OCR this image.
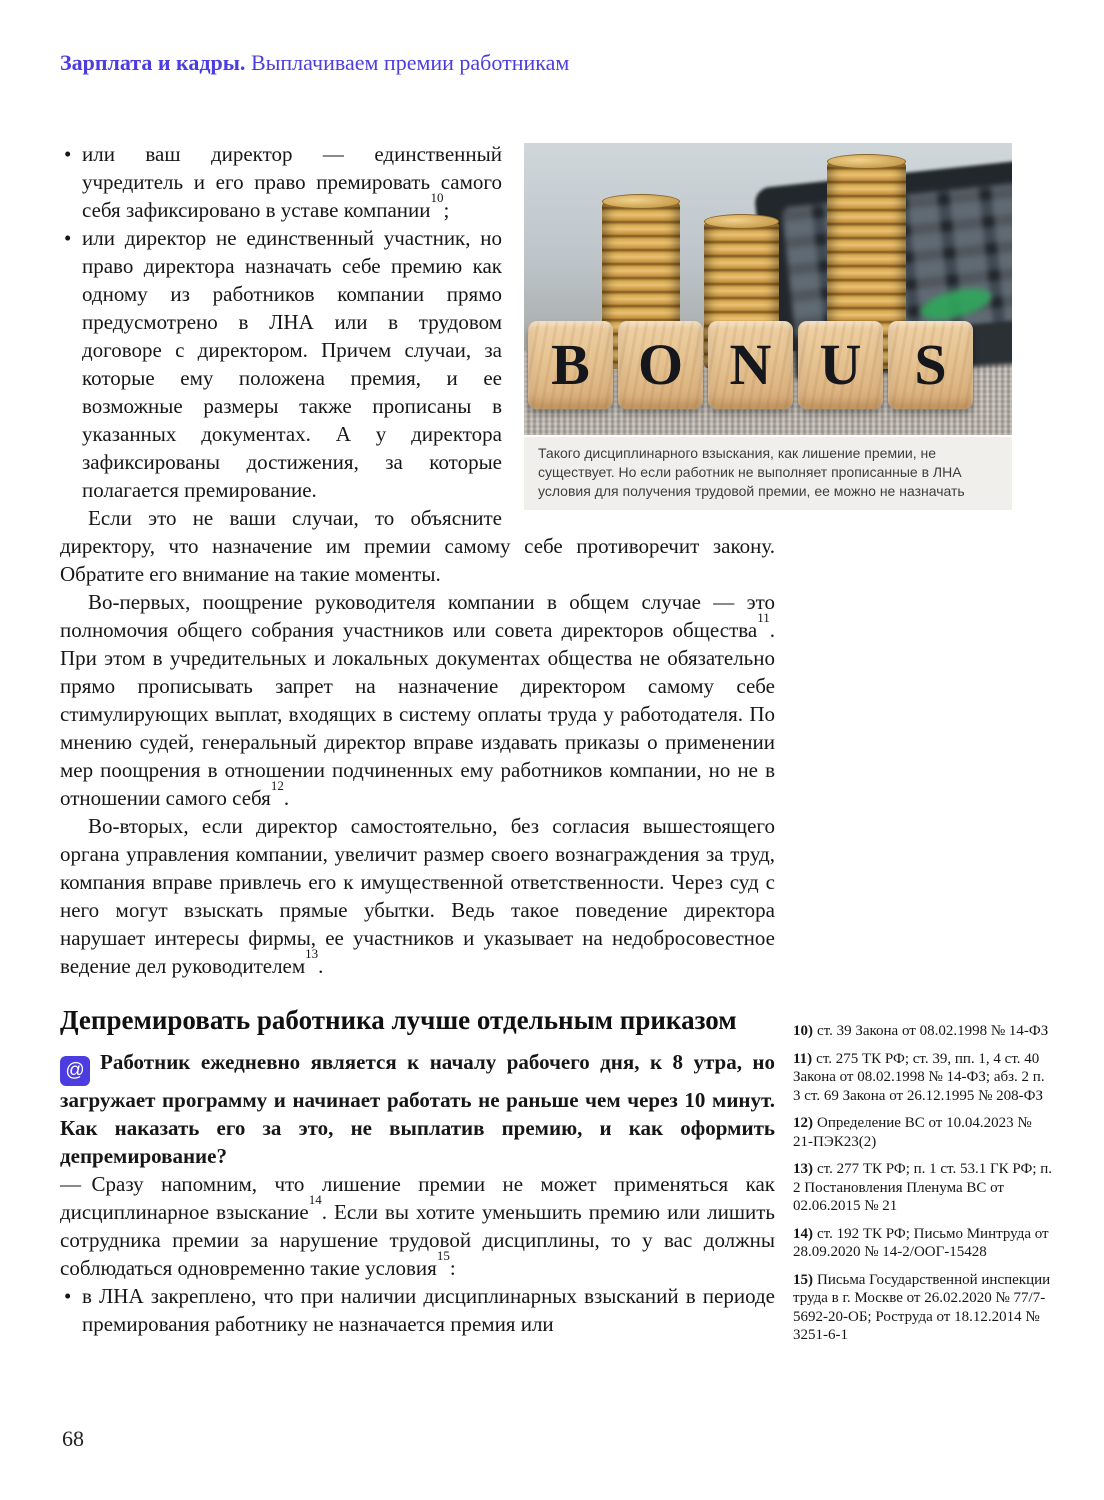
Зарплата и кадры. Выплачиваем премии работникам
B O N U S
Такого дисциплинарного взыскания, как лишение премии, не существует. Но если работник не выполняет прописанные в ЛНА условия для получения трудовой премии, ее можно не назначать
• или ваш директор — единственный учредитель и его право премировать самого себя зафиксировано в уставе компании$^{10}$;
• или директор не единственный участник, но право директора назначать себе премию как одному из работников компании прямо предусмотрено в ЛНА или в трудовом договоре с директором. Причем случаи, за которые ему положена премия, и ее возможные размеры также прописаны в указанных документах. А у директора зафиксированы достижения, за которые полагается премирование.

Если это не ваши случаи, то объясните директору, что назначение им премии самому себе противоречит закону. Обратите его внимание на такие моменты.

Во-первых, поощрение руководителя компании в общем случае — это полномочия общего собрания участников или совета директоров общества$^{11}$. При этом в учредительных и локальных документах общества не обязательно прямо прописывать запрет на назначение директором самому себе стимулирующих выплат, входящих в систему оплаты труда у работодателя. По мнению судей, генеральный директор вправе издавать приказы о применении мер поощрения в отношении подчиненных ему работников компании, но не в отношении самого себя$^{12}$.

Во-вторых, если директор самостоятельно, без согласия вышестоящего органа управления компании, увеличит размер своего вознаграждения за труд, компания вправе привлечь его к имущественной ответственности. Через суд с него могут взыскать прямые убытки. Ведь такое поведение директора нарушает интересы фирмы, ее участников и указывает на недобросовестное ведение дел руководителем$^{13}$.

Депремировать работника лучше отдельным приказом

@ Работник ежедневно является к началу рабочего дня, к 8 утра, но загружает программу и начинает работать не раньше чем через 10 минут. Как наказать его за это, не выплатив премию, и как оформить депремирование?

— Сразу напомним, что лишение премии не может применяться как дисциплинарное взыскание$^{14}$. Если вы хотите уменьшить премию или лишить сотрудника премии за нарушение трудовой дисциплины, то у вас должны соблюдаться одновременно такие условия$^{15}$:

• в ЛНА закреплено, что при наличии дисциплинарных взысканий в периоде премирования работнику не назначается премия или
10) ст. 39 Закона от 08.02.1998 № 14-ФЗ
11) ст. 275 ТК РФ; ст. 39, пп. 1, 4 ст. 40 Закона от 08.02.1998 № 14-ФЗ; абз. 2 п. 3 ст. 69 Закона от 26.12.1995 № 208-ФЗ
12) Определение ВС от 10.04.2023 № 21-ПЭК23(2)
13) ст. 277 ТК РФ; п. 1 ст. 53.1 ГК РФ; п. 2 Постановления Пленума ВС от 02.06.2015 № 21
14) ст. 192 ТК РФ; Письмо Минтруда от 28.09.2020 № 14-2/ООГ-15428
15) Письма Государственной инспекции труда в г. Москве от 26.02.2020 № 77/7-5692-20-ОБ; Роструда от 18.12.2014 № 3251-6-1
68
